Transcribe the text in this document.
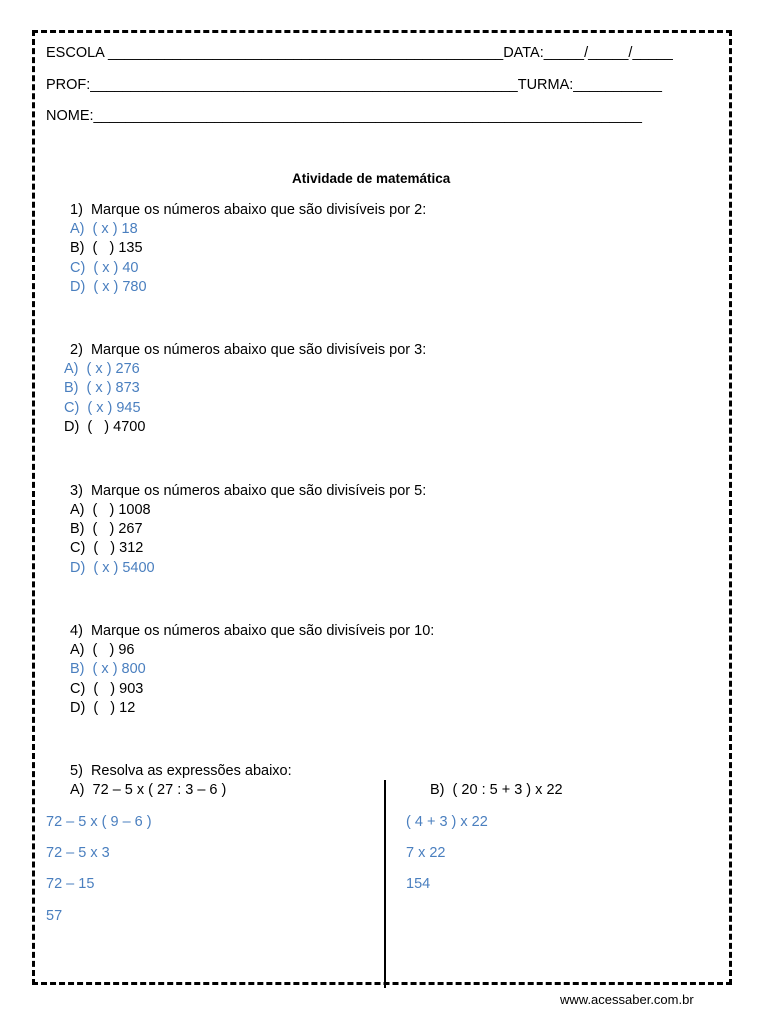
ESCOLA _________________________________________________DATA:_____/_____/_____
PROF:_____________________________________________________TURMA:___________
NOME:____________________________________________________________________
Atividade de matemática
1)  Marque os números abaixo que são divisíveis por 2:
A)  ( x ) 18
B)  (   ) 135
C)  ( x ) 40
D)  ( x ) 780
2)  Marque os números abaixo que são divisíveis por 3:
A)  ( x ) 276
B)  ( x ) 873
C)  ( x ) 945
D)  (   ) 4700
3)  Marque os números abaixo que são divisíveis por 5:
A)  (   ) 1008
B)  (   ) 267
C)  (   ) 312
D)  ( x ) 5400
4)  Marque os números abaixo que são divisíveis por 10:
A)  (   ) 96
B)  ( x ) 800
C)  (   ) 903
D)  (   ) 12
5)  Resolva as expressões abaixo:
A)  72 – 5 x ( 27 : 3 – 6 )	B)  ( 20 : 5 + 3 ) x 22
72 – 5 x ( 9 – 6 )
72 – 5 x 3
72 – 15
57
( 4 + 3 ) x 22
7 x 22
154
www.acessaber.com.br
